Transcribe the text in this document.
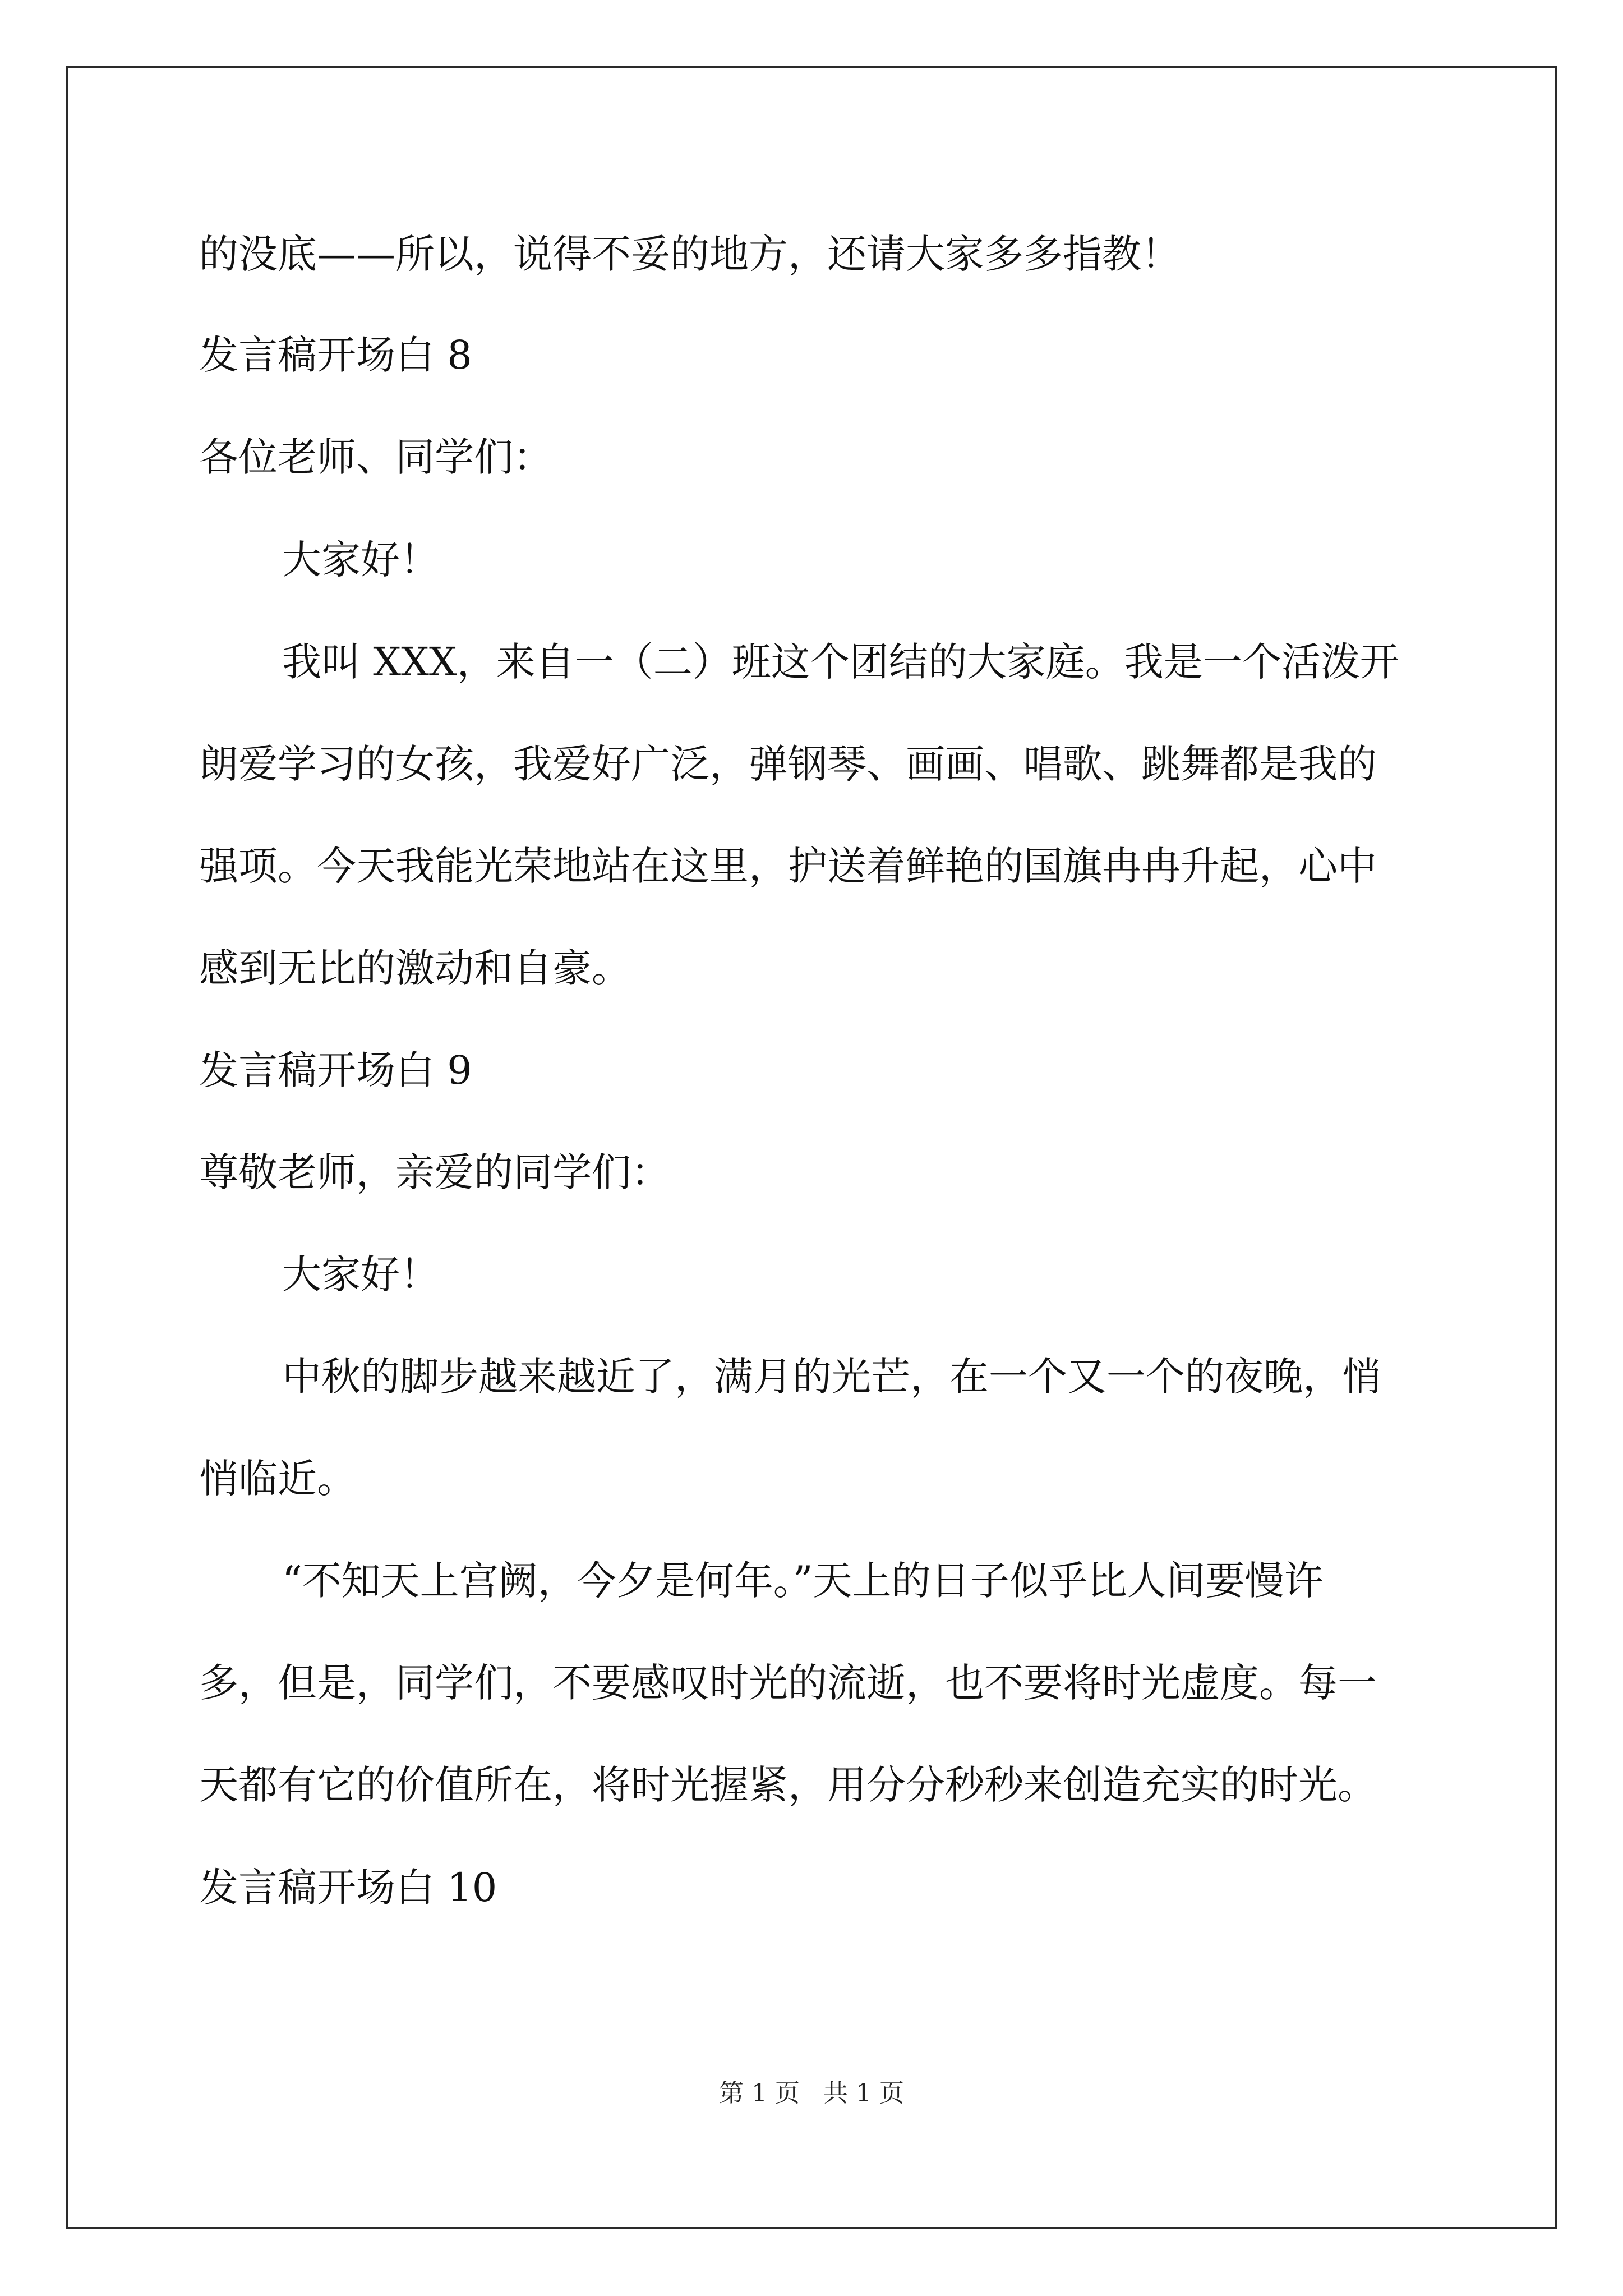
的没底——所以，说得不妥的地方，还请大家多多指教！
发言稿开场白 8
各位老师、同学们：
大家好！
我叫 XXX，来自一（二）班这个团结的大家庭。我是一个活泼开
朗爱学习的女孩，我爱好广泛，弹钢琴、画画、唱歌、跳舞都是我的
强项。今天我能光荣地站在这里，护送着鲜艳的国旗冉冉升起，心中
感到无比的激动和自豪。
发言稿开场白 9
尊敬老师，亲爱的同学们：
大家好！
中秋的脚步越来越近了，满月的光芒，在一个又一个的夜晚，悄
悄临近。
“不知天上宫阙，今夕是何年。”天上的日子似乎比人间要慢许
多，但是，同学们，不要感叹时光的流逝，也不要将时光虚度。每一
天都有它的价值所在，将时光握紧，用分分秒秒来创造充实的时光。
发言稿开场白 10
第 1 页   共 1 页
